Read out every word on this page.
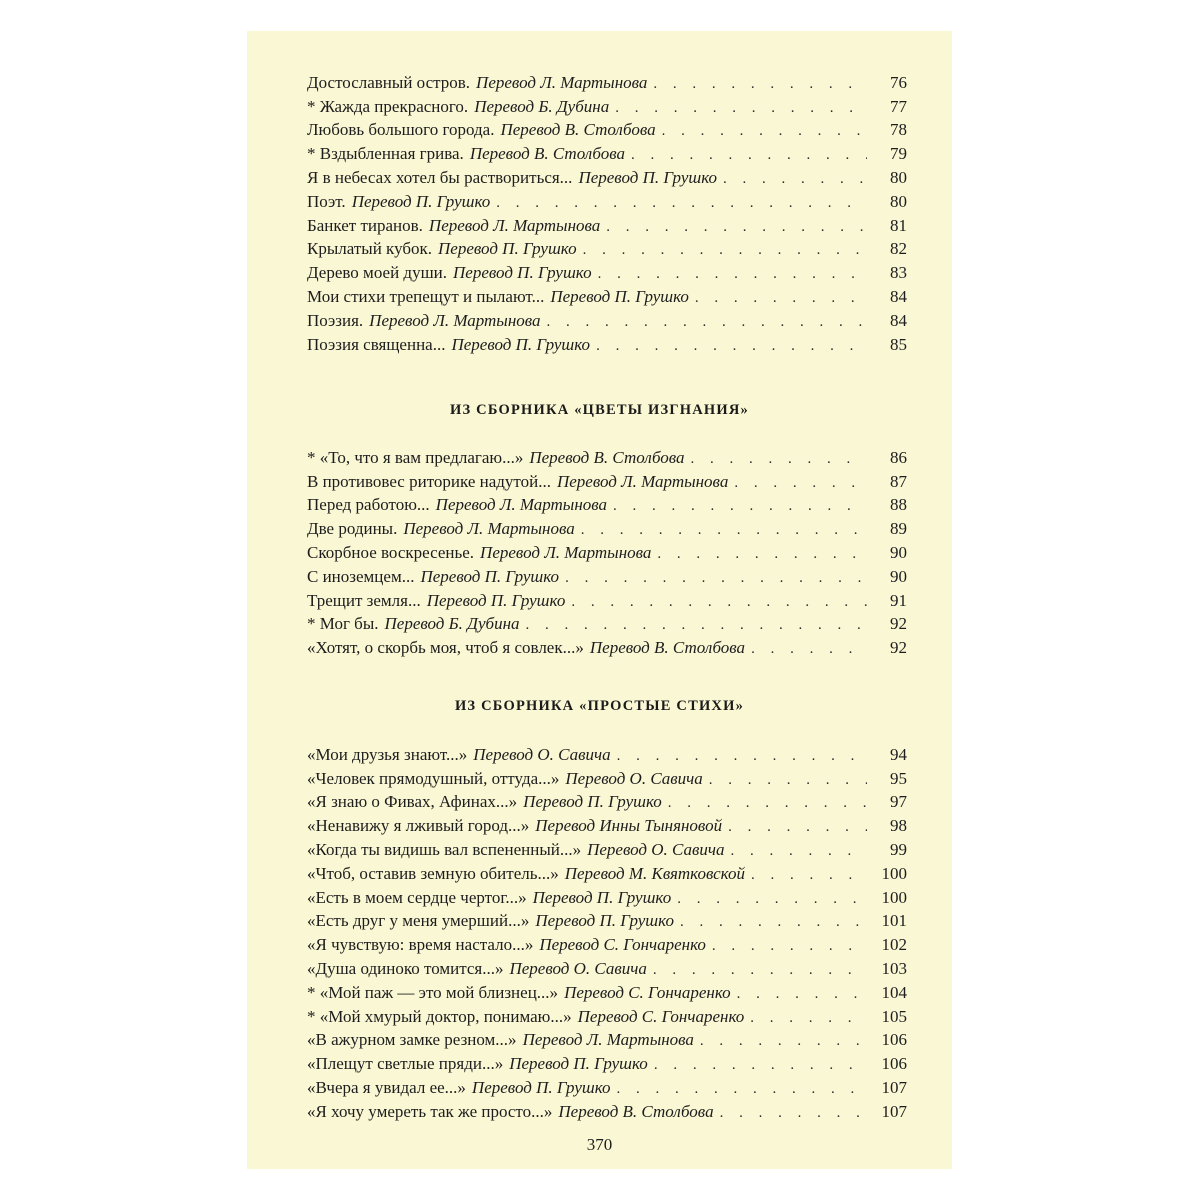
Достославный остров. Перевод Л. Мартынова . . .	76
* Жажда прекрасного. Перевод Б. Дубина . . .	77
Любовь большого города. Перевод В. Столбова . . .	78
* Вздыбленная грива. Перевод В. Столбова . . .	79
Я в небесах хотел бы раствориться... Перевод П. Грушко . . .	80
Поэт. Перевод П. Грушко . . .	80
Банкет тиранов. Перевод Л. Мартынова . . .	81
Крылатый кубок. Перевод П. Грушко . . .	82
Дерево моей души. Перевод П. Грушко . . .	83
Мои стихи трепещут и пылают... Перевод П. Грушко . . .	84
Поэзия. Перевод Л. Мартынова . . .	84
Поэзия священна... Перевод П. Грушко . . .	85
ИЗ СБОРНИКА «ЦВЕТЫ ИЗГНАНИЯ»
* «То, что я вам предлагаю...» Перевод В. Столбова . . .	86
В противовес риторике надутой... Перевод Л. Мартынова . . .	87
Перед работою... Перевод Л. Мартынова . . .	88
Две родины. Перевод Л. Мартынова . . .	89
Скорбное воскресенье. Перевод Л. Мартынова . . .	90
С иноземцем... Перевод П. Грушко . . .	90
Трещит земля... Перевод П. Грушко . . .	91
* Мог бы. Перевод Б. Дубина . . .	92
«Хотят, о скорбь моя, чтоб я совлек...» Перевод В. Столбова . . .	92
ИЗ СБОРНИКА «ПРОСТЫЕ СТИХИ»
«Мои друзья знают...» Перевод О. Савича . . .	94
«Человек прямодушный, оттуда...» Перевод О. Савича . . .	95
«Я знаю о Фивах, Афинах...» Перевод П. Грушко . . .	97
«Ненавижу я лживый город...» Перевод Инны Тыняновой . . .	98
«Когда ты видишь вал вспененный...» Перевод О. Савича . . .	99
«Чтоб, оставив земную обитель...» Перевод М. Квятковской . . .	100
«Есть в моем сердце чертог...» Перевод П. Грушко . . .	100
«Есть друг у меня умерший...» Перевод П. Грушко . . .	101
«Я чувствую: время настало...» Перевод С. Гончаренко . . .	102
«Душа одиноко томится...» Перевод О. Савича . . .	103
* «Мой паж — это мой близнец...» Перевод С. Гончаренко . . .	104
* «Мой хмурый доктор, понимаю...» Перевод С. Гончаренко . . .	105
«В ажурном замке резном...» Перевод Л. Мартынова . . .	106
«Плещут светлые пряди...» Перевод П. Грушко . . .	106
«Вчера я увидал ее...» Перевод П. Грушко . . .	107
«Я хочу умереть так же просто...» Перевод В. Столбова . . .	107
370
